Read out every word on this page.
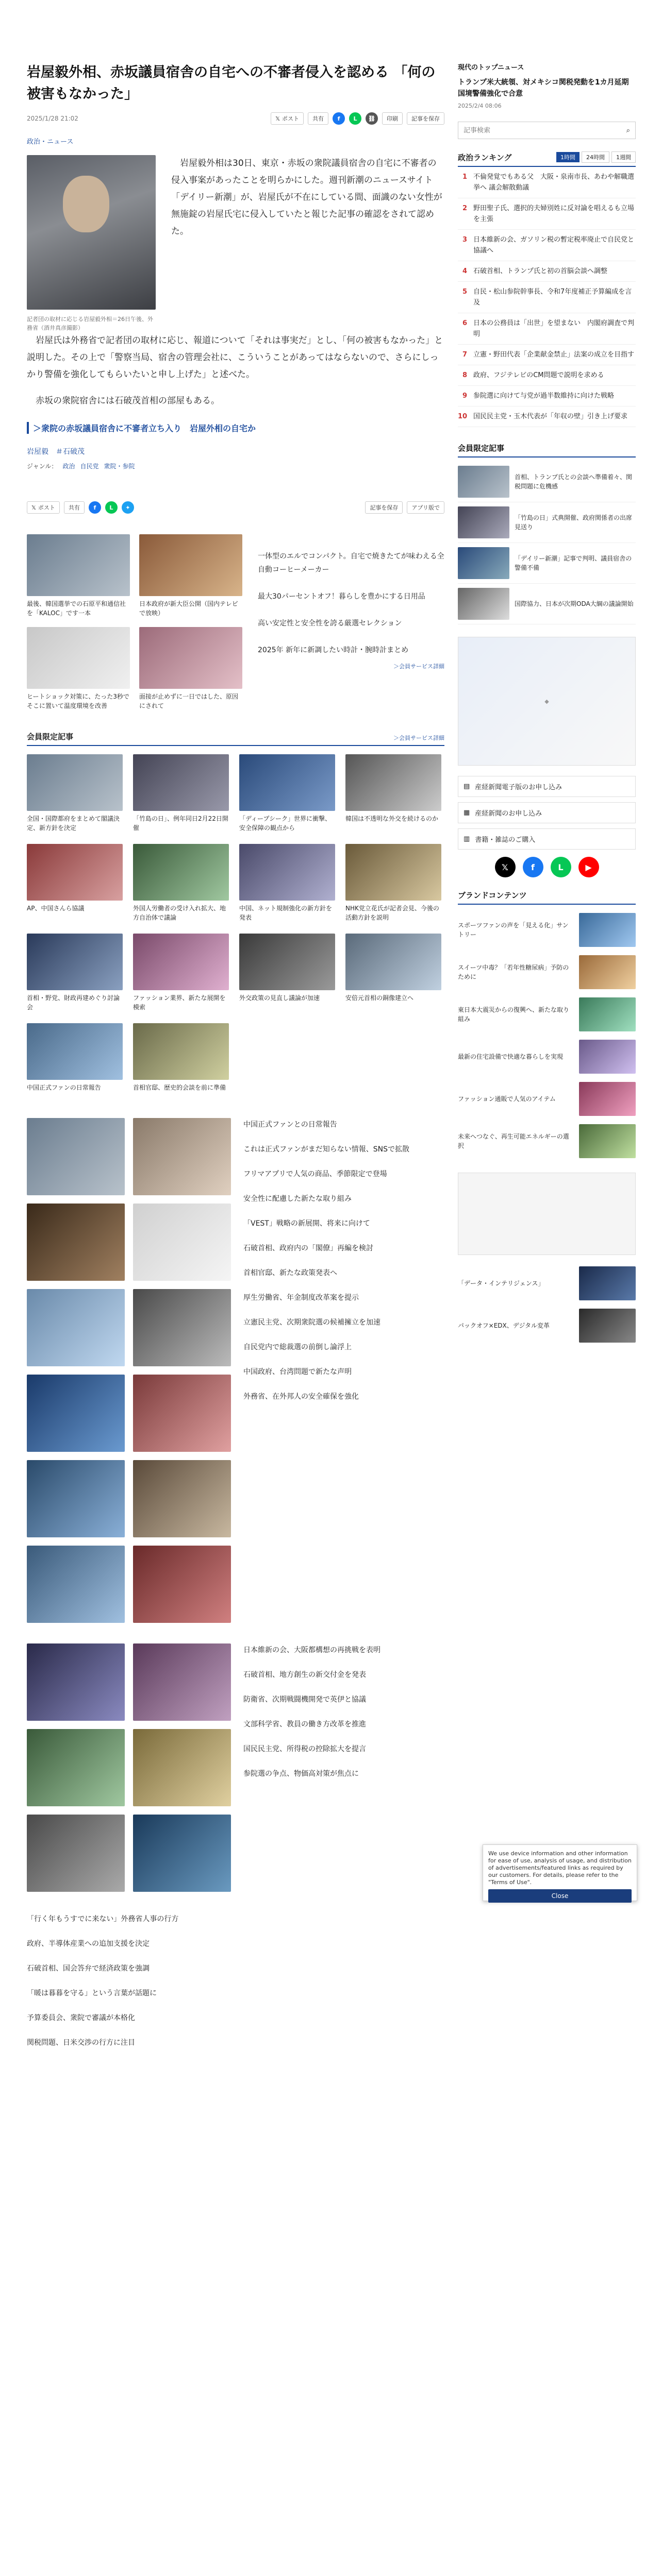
岩屋毅外相、赤坂議員宿舎の自宅への不審者侵入を認める 「何の被害もなかった」
2025/1/28 21:02	𝕏 ポスト 共有	f	L	⛓	印刷 記事を保存
政治・ニュース
記者団の取材に応じる岩屋毅外相＝26日午後、外務省（酒井真彦撮影）

岩屋毅外相は30日、東京・赤坂の衆院議員宿舎の自宅に不審者の侵入事案があったことを明らかにした。週刊新潮のニュースサイト「デイリー新潮」が、岩屋氏が不在にしている間、面識のない女性が無施錠の岩屋氏宅に侵入していたと報じた記事の確認をされて認めた。

岩屋氏は外務省で記者団の取材に応じ、報道について「それは事実だ」とし、「何の被害もなかった」と説明した。その上で「警察当局、宿舎の管理会社に、こういうことがあってはならないので、さらにしっかり警備を強化してもらいたいと申し上げた」と述べた。

赤坂の衆院宿舎には石破茂首相の部屋もある。

＞衆院の赤坂議員宿舎に不審者立ち入り　岩屋外相の自宅か
岩屋毅　＃石破茂
ジャンル： 政治 自民党 衆院・参院
𝕏 ポスト 共有	f	L	✦	記事を保存 アプリ版で
最後、韓国選挙での石原平和通信社を「KALOC」です一本
日本政府が新大臣公開（国内テレビで放映）
ヒートショック対策に、たった3秒でそこに置いて温度環境を改善
面接が止めずに一日ではした、原因にされて
一体型のエルでコンパクト。自宅で焼きたてが味わえる全自動コーヒーメーカー
最大30パーセントオフ！暮らしを豊かにする日用品
高い安定性と安全性を誇る厳選セレクション
2025年 新年に新調したい時計・腕時計まとめ
＞会員サービス詳細
会員限定記事	＞会員サービス詳細
全国・国際都府をまとめて閣議決定、新方針を決定
「竹島の日」、例年同日2月22日開催
「ディープシーク」世界に衝撃、安全保障の観点から
韓国は不透明な外交を続けるのか
AP、中国さんら協議	外国人労働者の受け入れ拡大、地方自治体で議論
中国、ネット規制強化の新方針を発表
NHK党立花氏が記者会見、今後の活動方針を説明
首相・野党、財政再建めぐり討論会
ファッション業界、新たな展開を模索
外交政策の見直し議論が加速	安倍元首相の銅像建立へ
中国正式ファンの日常報告	首相官邸、歴史的会談を前に準備
中国正式ファンとの日常報告
これは正式ファンがまだ知らない情報、SNSで拡散
フリマアプリで人気の商品、季節限定で登場
安全性に配慮した新たな取り組み
「VEST」戦略の新展開、将来に向けて
石破首相、政府内の「閣僚」再編を検討
首相官邸、新たな政策発表へ
厚生労働省、年金制度改革案を提示
立憲民主党、次期衆院選の候補擁立を加速
自民党内で総裁選の前倒し論浮上
中国政府、台湾問題で新たな声明
外務省、在外邦人の安全確保を強化
日本維新の会、大阪都構想の再挑戦を表明
石破首相、地方創生の新交付金を発表
防衛省、次期戦闘機開発で英伊と協議
文部科学省、教員の働き方改革を推進
国民民主党、所得税の控除拡大を提言
参院選の争点、物価高対策が焦点に
「行く年もうすでに来ない」外務省人事の行方
政府、半導体産業への追加支援を決定
石破首相、国会答弁で経済政策を強調
「暖は暮暮を守る」という言葉が話題に
予算委員会、衆院で審議が本格化
関税問題、日米交渉の行方に注目
現代のトップニュース
トランプ米大統領、対メキシコ関税発動を1カ月延期　国境警備強化で合意
2025/2/4 08:06
記事検索
⌕
政治ランキング	1時間	24時間	1週間
1 不倫発覚でもある父　大阪・泉南市長、あわや解職選挙へ 議会解散動議
2 野田聖子氏、選択的夫婦別姓に反対論を唱えるも立場を主張
3 日本維新の会、ガソリン税の暫定税率廃止で自民党と協議へ
4 石破首相、トランプ氏と初の首脳会談へ調整
5 自民・松山参院幹事長、令和7年度補正予算編成を言及
6 日本の公務員は「出世」を望まない　内閣府調査で判明
7 立憲・野田代表「企業献金禁止」法案の成立を目指す
8 政府、フジテレビのCM問題で説明を求める
9 参院選に向けて与党が過半数維持に向けた戦略
10 国民民主党・玉木代表が「年収の壁」引き上げ要求
会員限定記事
首相、トランプ氏との会談へ準備着々、関税問題に危機感
「竹島の日」式典開催、政府関係者の出席見送り
「デイリー新潮」記事で判明、議員宿舎の警備不備
国際協力、日本が次期ODA大綱の議論開始
◆
▤ 産経新聞電子版のお申し込み
▦ 産経新聞のお申し込み
▥ 書籍・雑誌のご購入
𝕏	f	L	▶
ブランドコンテンツ
スポーツファンの声を「見える化」サントリー
スイーツ中毒？「若年性糖尿病」予防のために
東日本大震災からの復興へ、新たな取り組み
最新の住宅設備で快適な暮らしを実現
ファッション通販で人気のアイテム
未来へつなぐ、再生可能エネルギーの選択
「データ・インテリジェンス」
パックオフ×EDX、デジタル変革
We use device information and other information for ease of use, analysis of usage, and distribution of advertisements/featured links as required by our customers. For details, please refer to the "Terms of Use".
Close
